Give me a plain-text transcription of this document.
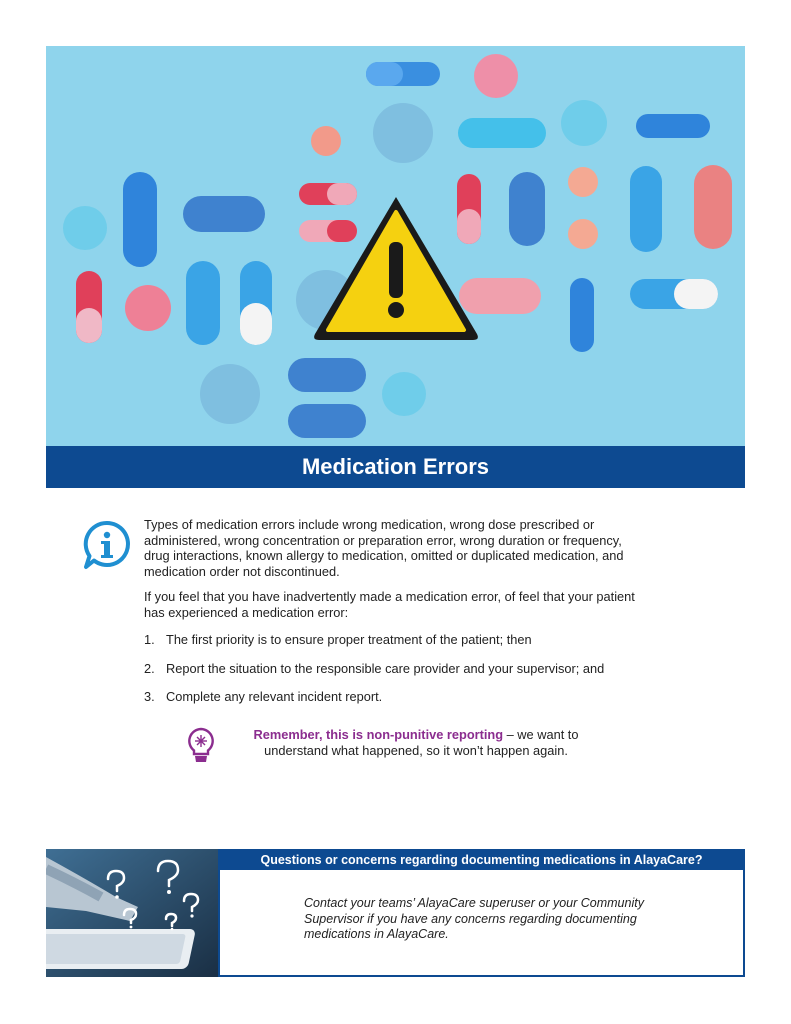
Medication Errors

Types of medication errors include wrong medication, wrong dose prescribed or administered, wrong concentration or preparation error, wrong duration or frequency, drug interactions, known allergy to medication, omitted or duplicated medication, and medication order not discontinued.

If you feel that you have inadvertently made a medication error, of feel that your patient has experienced a medication error:

1. The first priority is to ensure proper treatment of the patient; then
2. Report the situation to the responsible care provider and your supervisor; and
3. Complete any relevant incident report.
Remember, this is non-punitive reporting – we want to understand what happened, so it won’t happen again.
Questions or concerns regarding documenting medications in AlayaCare?

Contact your teams’ AlayaCare superuser or your Community Supervisor if you have any concerns regarding documenting medications in AlayaCare.
